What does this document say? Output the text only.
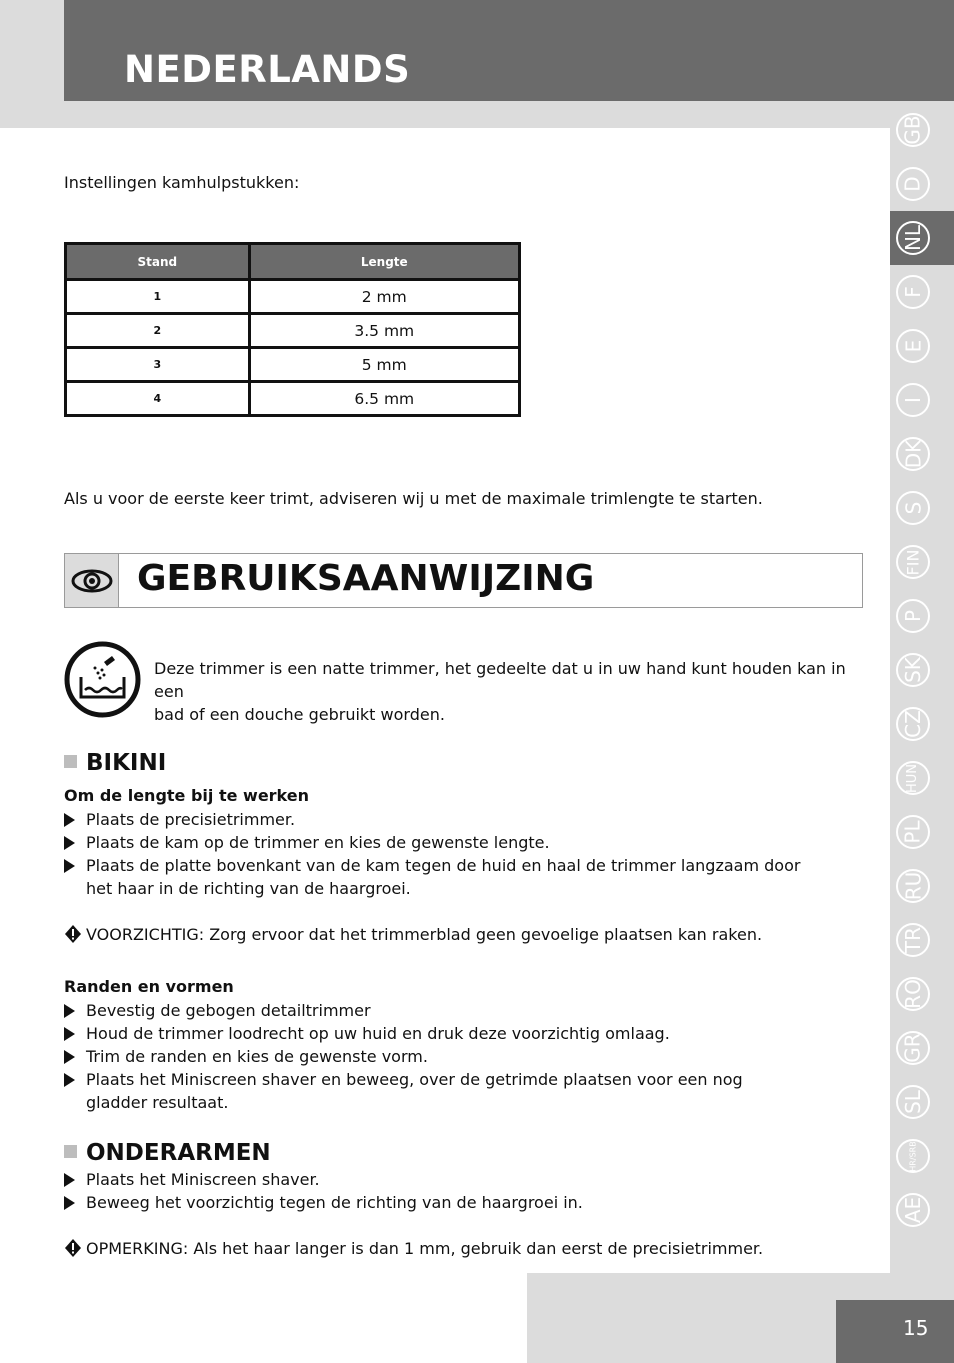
NEDERLANDS
Instellingen kamhulpstukken:
Stand	Lengte
1	2 mm
2	3.5 mm
3	5 mm
4	6.5 mm
Als u voor de eerste keer trimt, adviseren wij u met de maximale trimlengte te starten.
GEBRUIKSAANWIJZING
Deze trimmer is een natte trimmer, het gedeelte dat u in uw hand kunt houden kan in een
bad of een douche gebruikt worden.
BIKINI
Om de lengte bij te werken
Plaats de precisietrimmer.
Plaats de kam op de trimmer en kies de gewenste lengte.
Plaats de platte bovenkant van de kam tegen de huid en haal de trimmer langzaam door
het haar in de richting van de haargroei.
VOORZICHTIG: Zorg ervoor dat het trimmerblad geen gevoelige plaatsen kan raken.
Randen en vormen
Bevestig de gebogen detailtrimmer
Houd de trimmer loodrecht op uw huid en druk deze voorzichtig omlaag.
Trim de randen en kies de gewenste vorm.
Plaats het Miniscreen shaver en beweeg, over de getrimde plaatsen voor een nog
gladder resultaat.
ONDERARMEN
Plaats het Miniscreen shaver.
Beweeg het voorzichtig tegen de richting van de haargroei in.
OPMERKING: Als het haar langer is dan 1 mm, gebruik dan eerst de precisietrimmer.
GB
D
NL
F
E
I
DK
S
FIN
P
SK
CZ
HUN
PL
RU
TR
RO
GR
SL
HR/SRB
AE
15
